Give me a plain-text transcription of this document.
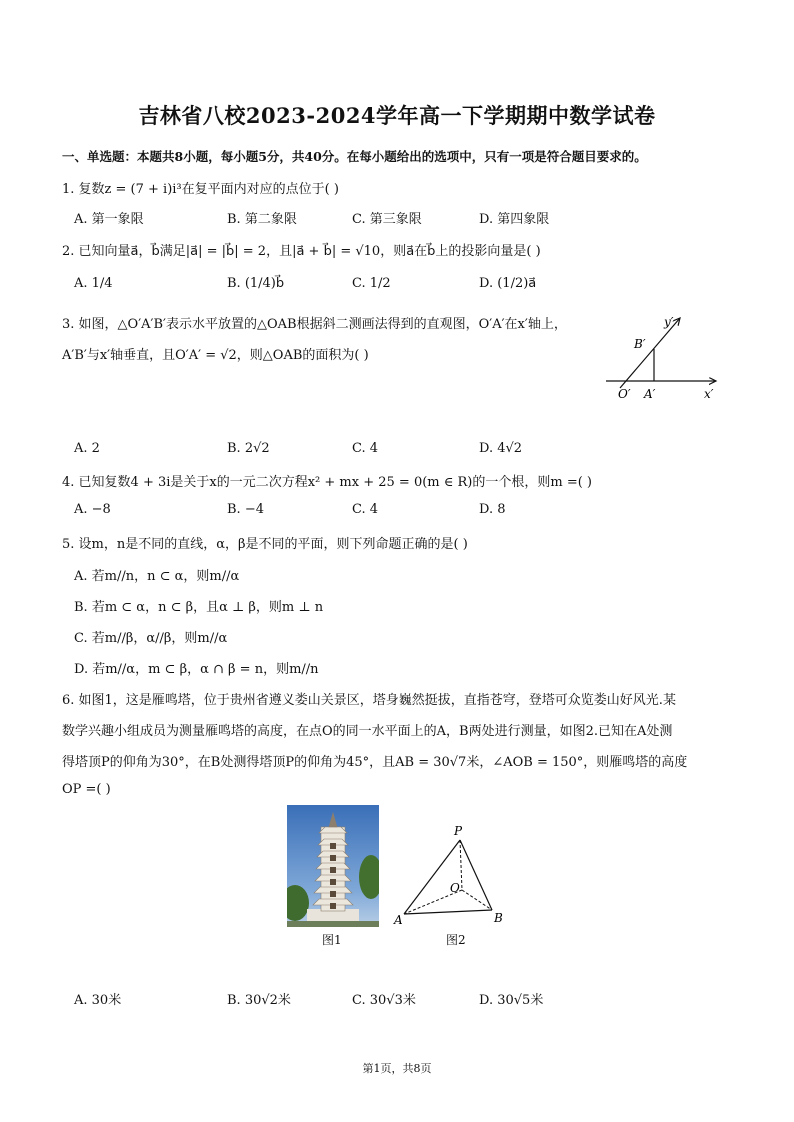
吉林省八校2023-2024学年高一下学期期中数学试卷
一、单选题：本题共8小题，每小题5分，共40分。在每小题给出的选项中，只有一项是符合题目要求的。
1. 复数z = (7 + i)i³在复平面内对应的点位于( )
A. 第一象限	B. 第二象限	C. 第三象限	D. 第四象限
2. 已知向量a⃗，b⃗满足|a⃗| = |b⃗| = 2，且|a⃗ + b⃗| = √10，则a⃗在b⃗上的投影向量是( )
A. 1/4	B. (1/4)b⃗	C. 1/2	D. (1/2)a⃗
3. 如图，△O′A′B′表示水平放置的△OAB根据斜二测画法得到的直观图，O′A′在x′轴上，
A′B′与x′轴垂直，且O′A′ = √2，则△OAB的面积为( )
y′
B′
O′ A′	x′
A. 2	B. 2√2	C. 4	D. 4√2
4. 已知复数4 + 3i是关于x的一元二次方程x² + mx + 25 = 0(m ∈ R)的一个根，则m =( )
A. −8	B. −4	C. 4	D. 8
5. 设m，n是不同的直线，α，β是不同的平面，则下列命题正确的是( )
A. 若m//n，n ⊂ α，则m//α
B. 若m ⊂ α，n ⊂ β，且α ⊥ β，则m ⊥ n
C. 若m//β，α//β，则m//α
D. 若m//α，m ⊂ β，α ∩ β = n，则m//n
6. 如图1，这是雁鸣塔，位于贵州省遵义娄山关景区，塔身巍然挺拔，直指苍穹，登塔可众览娄山好风光.某
数学兴趣小组成员为测量雁鸣塔的高度，在点O的同一水平面上的A，B两处进行测量，如图2.已知在A处测
得塔顶P的仰角为30°，在B处测得塔顶P的仰角为45°，且AB = 30√7米，∠AOB = 150°，则雁鸣塔的高度
OP =( )
图1
P
O
A	B
图2
A. 30米	B. 30√2米	C. 30√3米	D. 30√5米
第1页，共8页
